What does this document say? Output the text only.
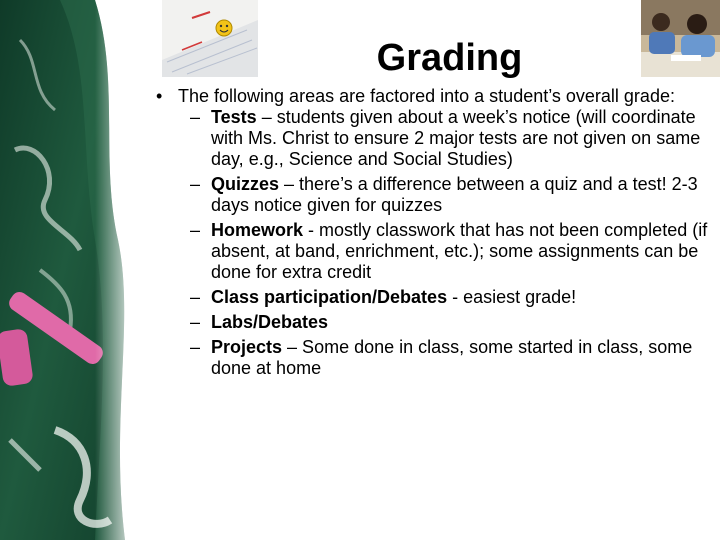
Grading
• The following areas are factored into a student’s overall grade:
– Tests – students given about a week’s notice (will coordinate with Ms. Christ to ensure 2 major tests are not given on same day, e.g., Science and Social Studies)
– Quizzes – there’s a difference between a quiz and a test! 2-3 days notice given for quizzes
– Homework - mostly classwork that has not been completed (if absent, at band, enrichment, etc.); some assignments can be done for extra credit
– Class participation/Debates - easiest grade!
– Labs/Debates
– Projects – Some done in class, some started in class, some done at home
